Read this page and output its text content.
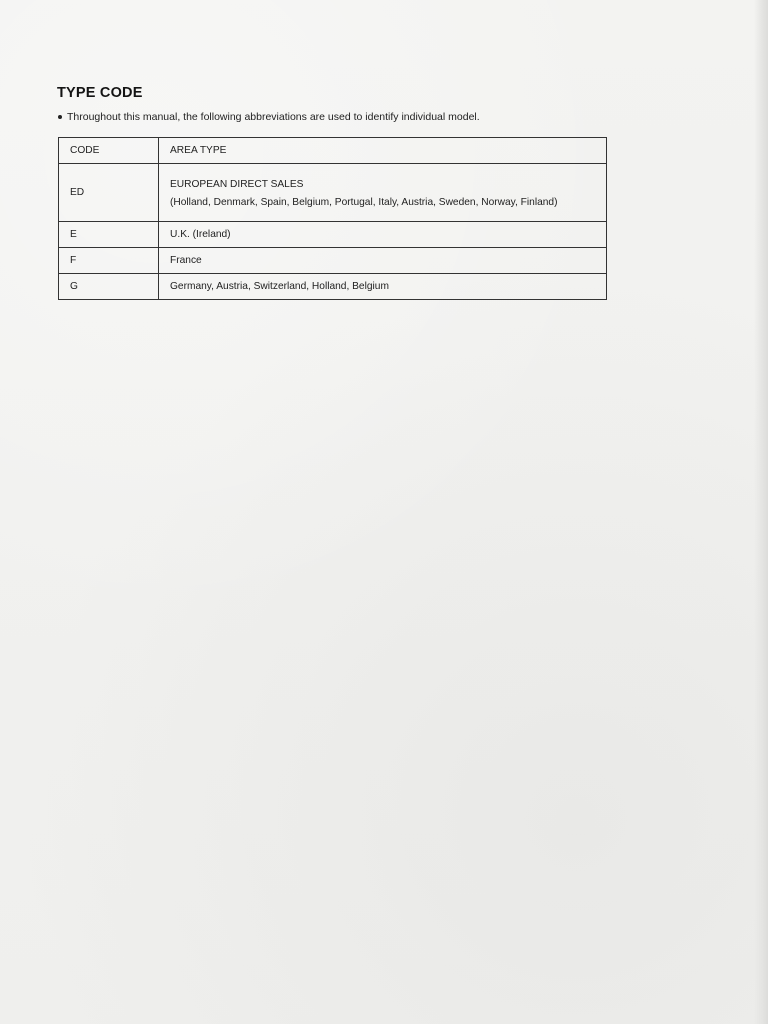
TYPE CODE
Throughout this manual, the following abbreviations are used to identify individual model.
CODE	AREA TYPE
ED	EUROPEAN DIRECT SALES
(Holland, Denmark, Spain, Belgium, Portugal, Italy, Austria, Sweden, Norway, Finland)

E	U.K. (Ireland)
F	France
G	Germany, Austria, Switzerland, Holland, Belgium
